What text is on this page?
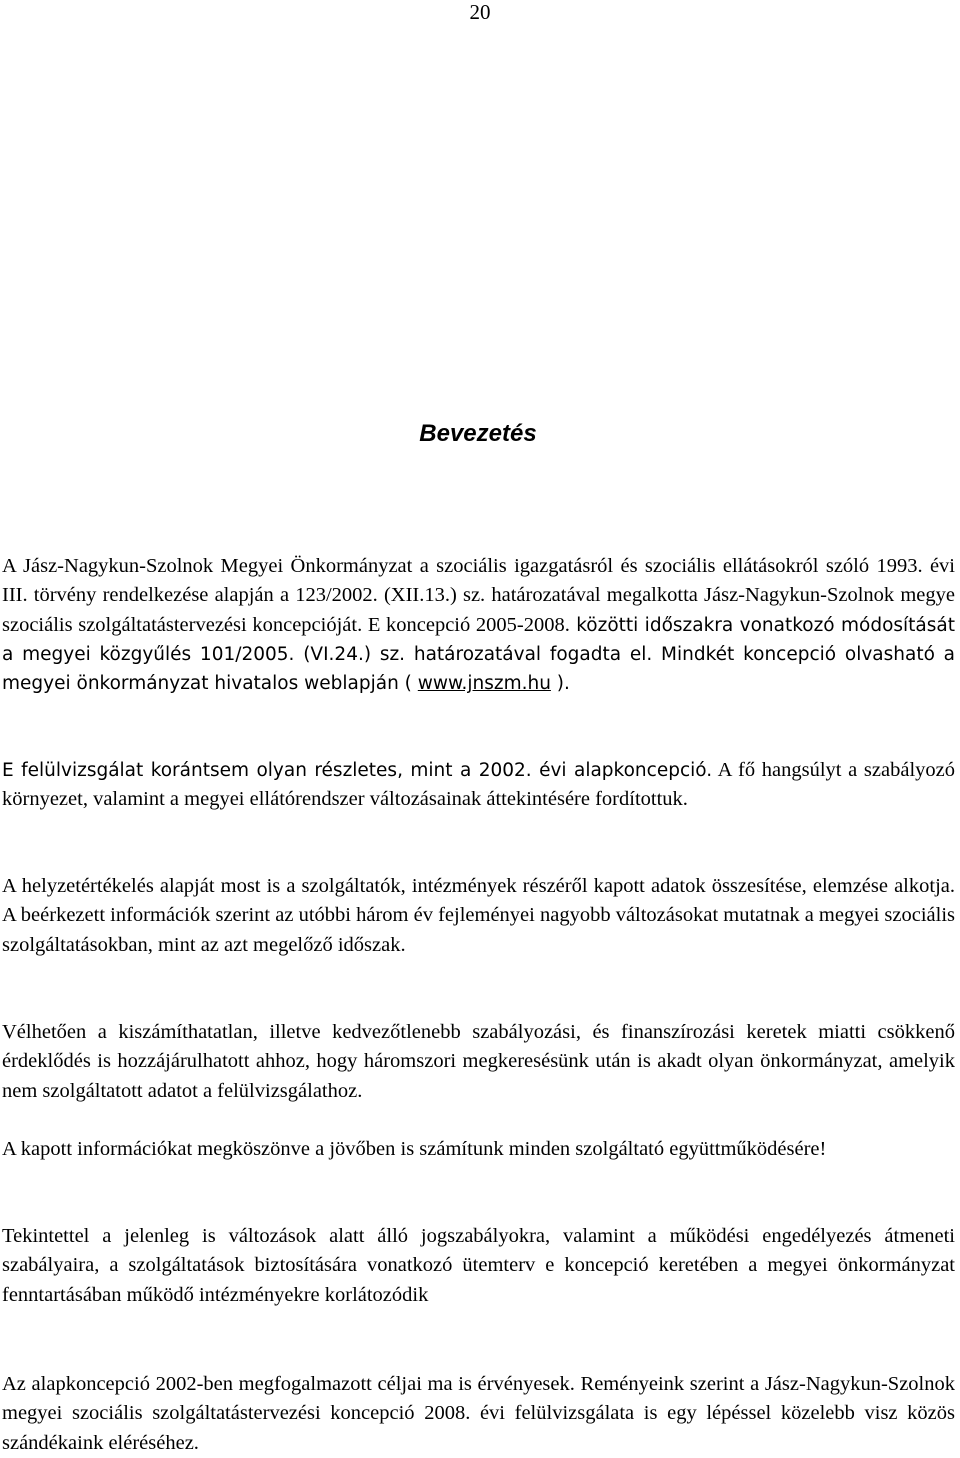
20
Bevezetés

A Jász-Nagykun-Szolnok Megyei Önkormányzat a szociális igazgatásról és szociális ellátásokról szóló 1993. évi III. törvény rendelkezése alapján a 123/2002. (XII.13.) sz. határozatával megalkotta Jász-Nagykun-Szolnok megye szociális szolgáltatástervezési koncepcióját. E koncepció 2005-2008. közötti időszakra vonatkozó módosítását a megyei közgyűlés 101/2005. (VI.24.) sz. határozatával fogadta el. Mindkét koncepció olvasható a megyei önkormányzat hivatalos weblapján ( www.jnszm.hu ).

E felülvizsgálat korántsem olyan részletes, mint a 2002. évi alapkoncepció. A fő hangsúlyt a szabályozó környezet, valamint a megyei ellátórendszer változásainak áttekintésére fordítottuk.

A helyzetértékelés alapját most is a szolgáltatók, intézmények részéről kapott adatok összesítése, elemzése alkotja. A beérkezett információk szerint az utóbbi három év fejleményei nagyobb változásokat mutatnak a megyei szociális szolgáltatásokban, mint az azt megelőző időszak.

Vélhetően a kiszámíthatatlan, illetve kedvezőtlenebb szabályozási, és finanszírozási keretek miatti csökkenő érdeklődés is hozzájárulhatott ahhoz, hogy háromszori megkeresésünk után is akadt olyan önkormányzat, amelyik nem szolgáltatott adatot a felülvizsgálathoz.

A kapott információkat megköszönve a jövőben is számítunk minden szolgáltató együttműködésére!

Tekintettel a jelenleg is változások alatt álló jogszabályokra, valamint a működési engedélyezés átmeneti szabályaira, a szolgáltatások biztosítására vonatkozó ütemterv e koncepció keretében a megyei önkormányzat fenntartásában működő intézményekre korlátozódik

Az alapkoncepció 2002-ben megfogalmazott céljai ma is érvényesek. Reményeink szerint a Jász-Nagykun-Szolnok megyei szociális szolgáltatástervezési koncepció 2008. évi felülvizsgálata is egy lépéssel közelebb visz közös szándékaink eléréséhez.
